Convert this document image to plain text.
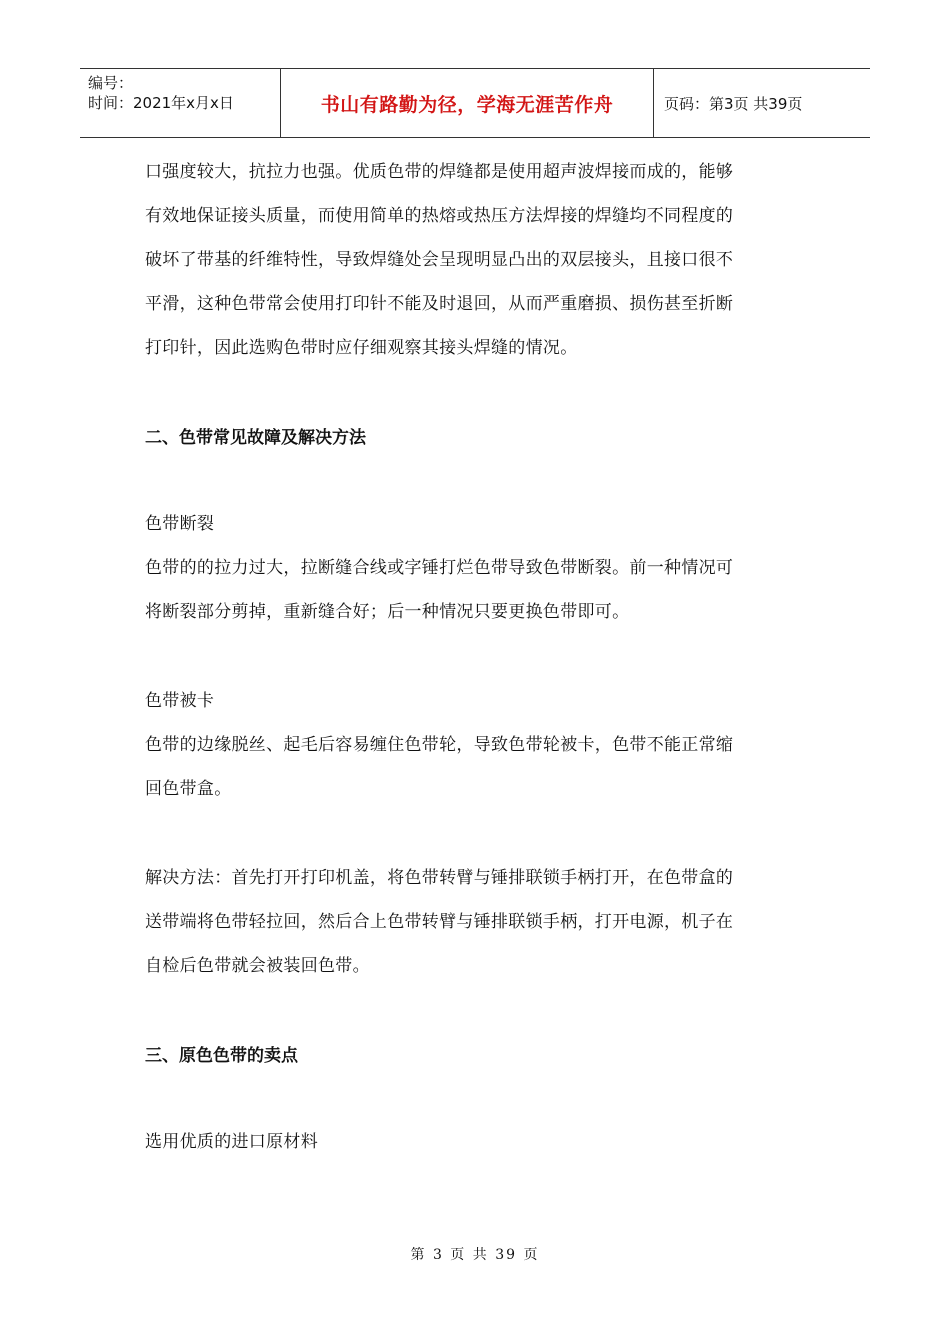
编号：
时间：2021年x月x日	书山有路勤为径，学海无涯苦作舟	页码：第3页 共39页

口强度较大，抗拉力也强。优质色带的焊缝都是使用超声波焊接而成的，能够

有效地保证接头质量，而使用简单的热熔或热压方法焊接的焊缝均不同程度的

破坏了带基的纤维特性，导致焊缝处会呈现明显凸出的双层接头，且接口很不

平滑，这种色带常会使用打印针不能及时退回，从而严重磨损、损伤甚至折断

打印针，因此选购色带时应仔细观察其接头焊缝的情况。

二、色带常见故障及解决方法

色带断裂

色带的的拉力过大，拉断缝合线或字锤打烂色带导致色带断裂。前一种情况可

将断裂部分剪掉，重新缝合好；后一种情况只要更换色带即可。

色带被卡

色带的边缘脱丝、起毛后容易缠住色带轮，导致色带轮被卡，色带不能正常缩

回色带盒。

解决方法：首先打开打印机盖，将色带转臂与锤排联锁手柄打开，在色带盒的

送带端将色带轻拉回，然后合上色带转臂与锤排联锁手柄，打开电源，机子在

自检后色带就会被装回色带。

三、原色色带的卖点

选用优质的进口原材料

第 3 页 共 39 页
